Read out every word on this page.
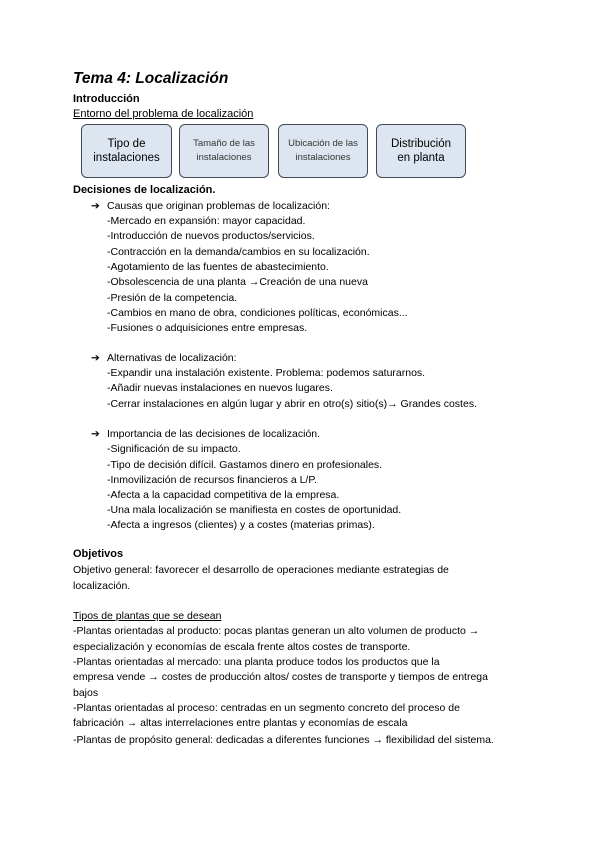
Tema 4: Localización
Introducción
Entorno del problema de localización
Tipo de instalaciones
Tamaño de las instalaciones
Ubicación de las instalaciones
Distribución en planta
Decisiones de localización.
➔ Causas que originan problemas de localización:
-Mercado en expansión: mayor capacidad.
-Introducción de nuevos productos/servicios.
-Contracción en la demanda/cambios en su localización.
-Agotamiento de las fuentes de abastecimiento.
-Obsolescencia de una planta →Creación de una nueva
-Presión de la competencia.
-Cambios en mano de obra, condiciones políticas, económicas...
-Fusiones o adquisiciones entre empresas.
➔ Alternativas de localización:
-Expandir una instalación existente. Problema: podemos saturarnos.
-Añadir nuevas instalaciones en nuevos lugares.
-Cerrar instalaciones en algún lugar y abrir en otro(s) sitio(s)→ Grandes costes.
➔ Importancia de las decisiones de localización.
-Significación de su impacto.
-Tipo de decisión difícil. Gastamos dinero en profesionales.
-Inmovilización de recursos financieros a L/P.
-Afecta a la capacidad competitiva de la empresa.
-Una mala localización se manifiesta en costes de oportunidad.
-Afecta a ingresos (clientes) y a costes (materias primas).
Objetivos
Objetivo general: favorecer el desarrollo de operaciones mediante estrategias de
localización.
Tipos de plantas que se desean
-Plantas orientadas al producto: pocas plantas generan un alto volumen de producto →
especialización y economías de escala frente altos costes de transporte.
-Plantas orientadas al mercado: una planta produce todos los productos que la
empresa vende → costes de producción altos/ costes de transporte y tiempos de entrega
bajos
-Plantas orientadas al proceso: centradas en un segmento concreto del proceso de
fabricación → altas interrelaciones entre plantas y economías de escala
-Plantas de propósito general: dedicadas a diferentes funciones → flexibilidad del sistema.
